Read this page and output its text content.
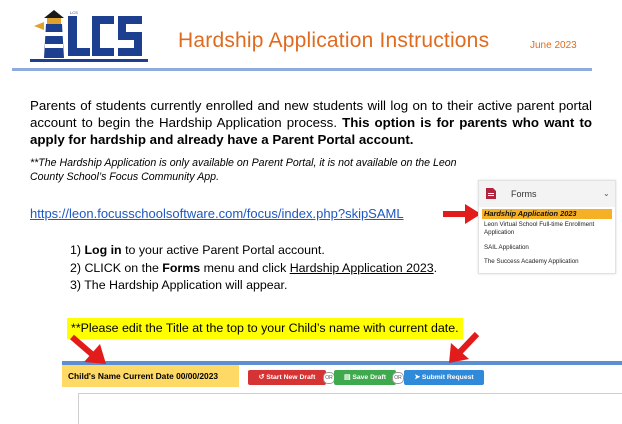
LCS
Hardship Application Instructions	June 2023
Parents of students currently enrolled and new students will log on to their active parent portal account to begin the Hardship Application process. This option is for parents who want to apply for hardship and already have a Parent Portal account.
**The Hardship Application is only available on Parent Portal, it is not available on the Leon County School’s Focus Community App.
https://leon.focusschoolsoftware.com/focus/index.php?skipSAML
Forms	⌄
Hardship Application 2023
Leon Virtual School Full-time Enrollment Application
SAIL Application
The Success Academy Application
1) Log in to your active Parent Portal account.
2) CLICK on the Forms menu and click Hardship Application 2023.
3) The Hardship Application will appear.
**Please edit the Title at the top to your Child’s name with current date.
Child's Name Current Date 00/00/2023	↺ Start New Draft	OR	▤ Save Draft	OR	➤ Submit Request
